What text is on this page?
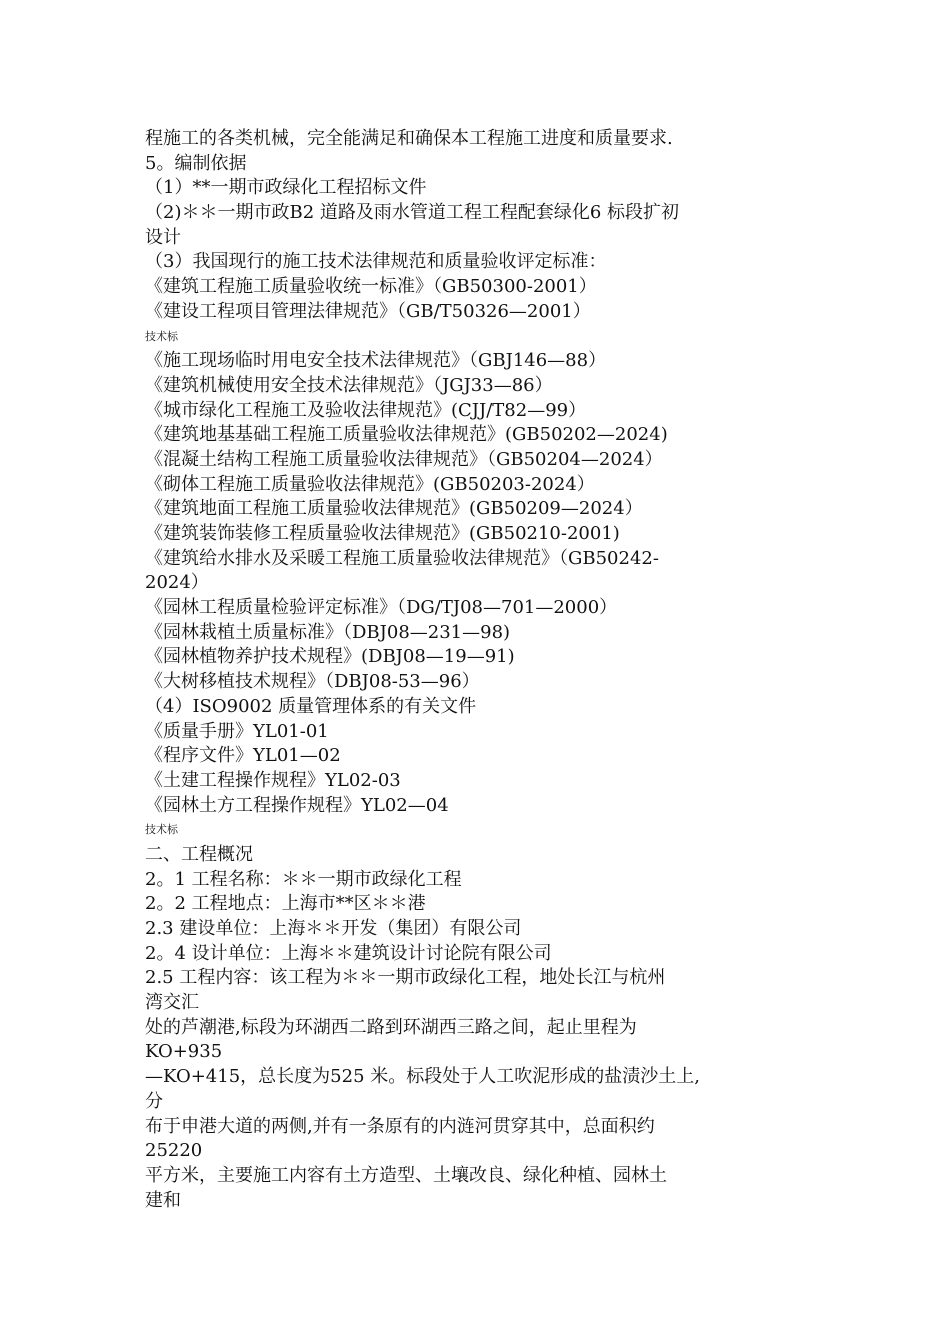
程施工的各类机械，完全能满足和确保本工程施工进度和质量要求.
5。编制依据
（1）**一期市政绿化工程招标文件
（2)＊＊一期市政B2 道路及雨水管道工程工程配套绿化6 标段扩初
设计
（3）我国现行的施工技术法律规范和质量验收评定标准：
《建筑工程施工质量验收统一标准》（GB50300-2001）
《建设工程项目管理法律规范》（GB/T50326—2001）
技术标
《施工现场临时用电安全技术法律规范》（GBJ146—88）
《建筑机械使用安全技术法律规范》（JGJ33—86）
《城市绿化工程施工及验收法律规范》(CJJ/T82—99）
《建筑地基基础工程施工质量验收法律规范》(GB50202—2024)
《混凝土结构工程施工质量验收法律规范》（GB50204—2024）
《砌体工程施工质量验收法律规范》(GB50203-2024）
《建筑地面工程施工质量验收法律规范》(GB50209—2024）
《建筑装饰装修工程质量验收法律规范》(GB50210-2001)
《建筑给水排水及采暖工程施工质量验收法律规范》（GB50242-
2024）
《园林工程质量检验评定标准》（DG/TJ08—701—2000）
《园林栽植土质量标准》（DBJ08—231—98)
《园林植物养护技术规程》(DBJ08—19—91)
《大树移植技术规程》（DBJ08-53—96）
（4）ISO9002 质量管理体系的有关文件
《质量手册》YL01-01
《程序文件》YL01—02
《土建工程操作规程》YL02-03
《园林土方工程操作规程》YL02—04
技术标
二、工程概况
2。1 工程名称：＊＊一期市政绿化工程
2。2 工程地点：上海市**区＊＊港
2.3 建设单位：上海＊＊开发（集团）有限公司
2。4 设计单位：上海＊＊建筑设计讨论院有限公司
2.5 工程内容：该工程为＊＊一期市政绿化工程，地处长江与杭州
湾交汇
处的芦潮港,标段为环湖西二路到环湖西三路之间，起止里程为
KO+935
—KO+415，总长度为525 米。标段处于人工吹泥形成的盐渍沙土上,
分
布于申港大道的两侧,并有一条原有的内涟河贯穿其中，总面积约
25220
平方米，主要施工内容有土方造型、土壤改良、绿化种植、园林土
建和
